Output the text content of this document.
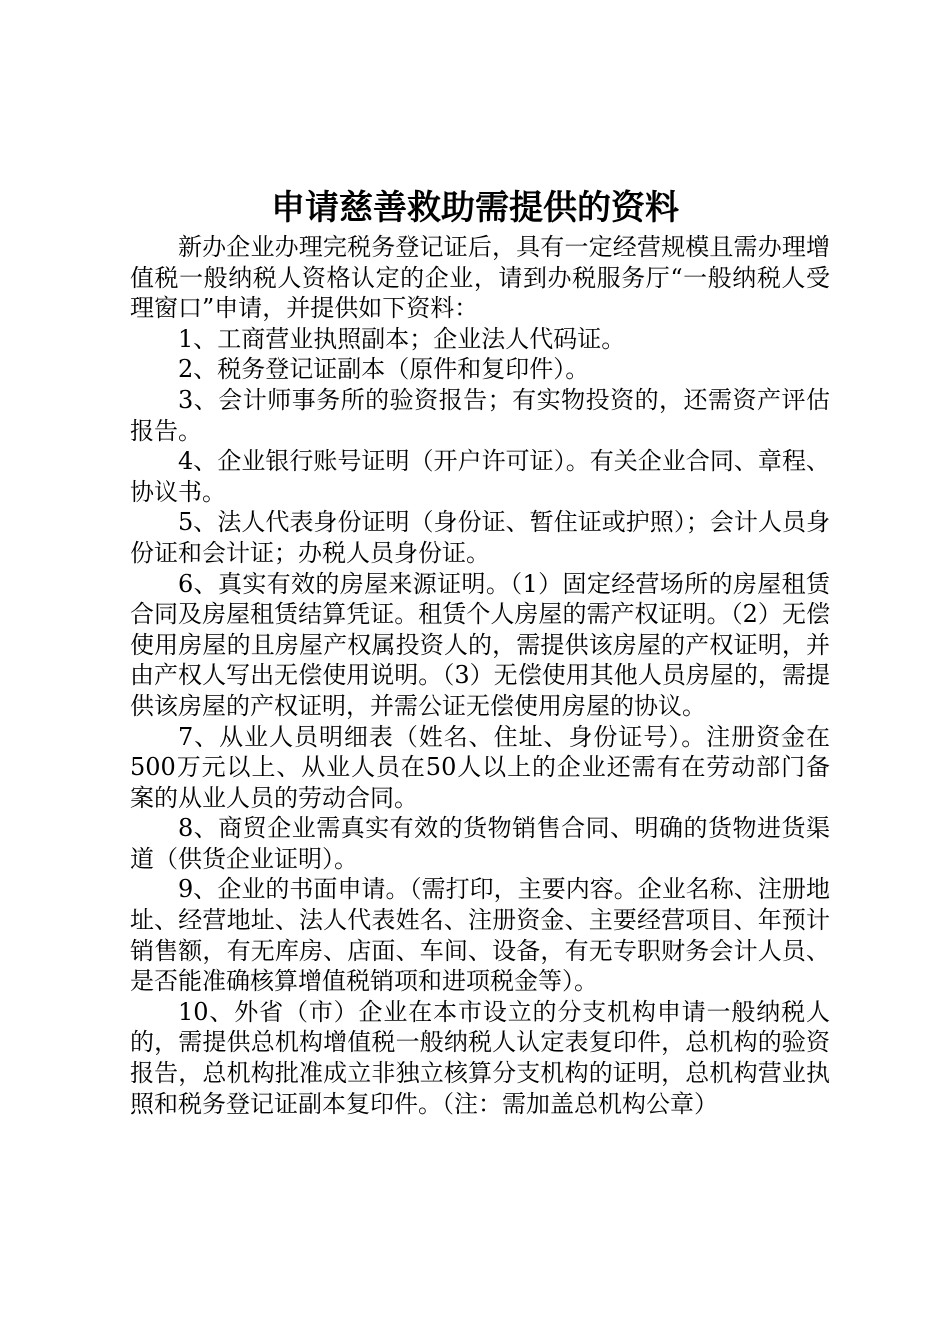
申请慈善救助需提供的资料

新办企业办理完税务登记证后，具有一定经营规模且需办理增值税一般纳税人资格认定的企业，请到办税服务厅“一般纳税人受理窗口”申请，并提供如下资料：

1、工商营业执照副本；企业法人代码证。

2、税务登记证副本（原件和复印件）。

3、会计师事务所的验资报告；有实物投资的，还需资产评估报告。

4、企业银行账号证明（开户许可证）。有关企业合同、章程、协议书。

5、法人代表身份证明（身份证、暂住证或护照）；会计人员身份证和会计证；办税人员身份证。

6、真实有效的房屋来源证明。（1）固定经营场所的房屋租赁合同及房屋租赁结算凭证。租赁个人房屋的需产权证明。（2）无偿使用房屋的且房屋产权属投资人的，需提供该房屋的产权证明，并由产权人写出无偿使用说明。（3）无偿使用其他人员房屋的，需提供该房屋的产权证明，并需公证无偿使用房屋的协议。

7、从业人员明细表（姓名、住址、身份证号）。注册资金在500万元以上、从业人员在50人以上的企业还需有在劳动部门备案的从业人员的劳动合同。

8、商贸企业需真实有效的货物销售合同、明确的货物进货渠道（供货企业证明）。

9、企业的书面申请。（需打印，主要内容。企业名称、注册地址、经营地址、法人代表姓名、注册资金、主要经营项目、年预计销售额，有无库房、店面、车间、设备，有无专职财务会计人员、是否能准确核算增值税销项和进项税金等）。

10、外省（市）企业在本市设立的分支机构申请一般纳税人的，需提供总机构增值税一般纳税人认定表复印件，总机构的验资报告，总机构批准成立非独立核算分支机构的证明，总机构营业执照和税务登记证副本复印件。（注：需加盖总机构公章）
